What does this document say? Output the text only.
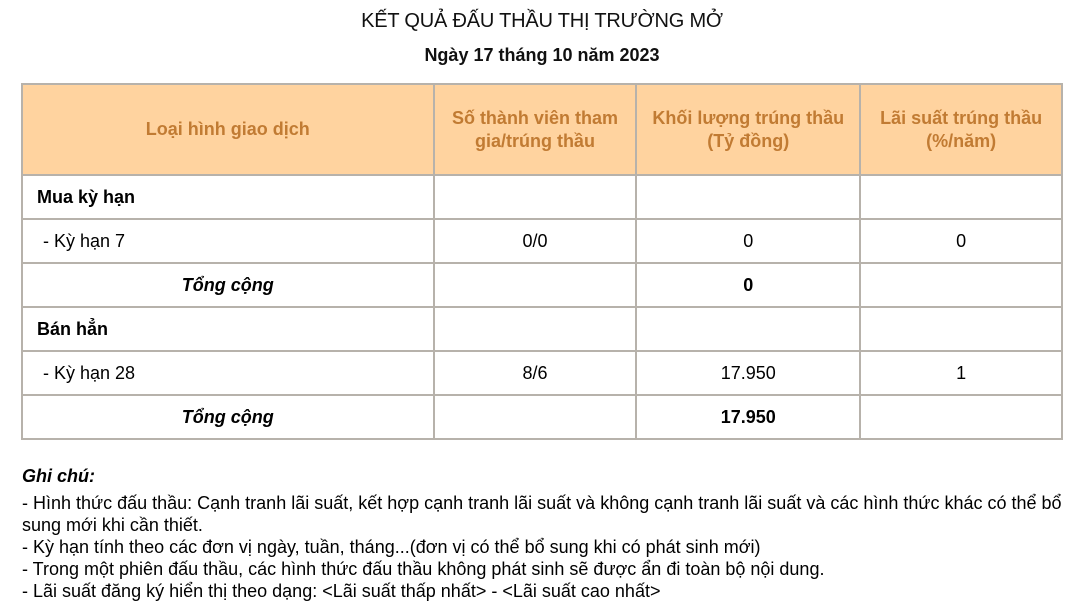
KẾT QUẢ ĐẤU THẦU THỊ TRƯỜNG MỞ
Ngày 17 tháng 10 năm 2023
Loại hình giao dịch	Số thành viên tham gia/trúng thầu	Khối lượng trúng thầu (Tỷ đồng)	Lãi suất trúng thầu (%/năm)
Mua kỳ hạn			
- Kỳ hạn 7	0/0	0	0
Tổng cộng		0	
Bán hẳn			
- Kỳ hạn 28	8/6	17.950	1
Tổng cộng		17.950	
Ghi chú:

- Hình thức đấu thầu: Cạnh tranh lãi suất, kết hợp cạnh tranh lãi suất và không cạnh tranh lãi suất và các hình thức khác có thể bổ sung mới khi cần thiết.

- Kỳ hạn tính theo các đơn vị ngày, tuần, tháng...(đơn vị có thể bổ sung khi có phát sinh mới)

- Trong một phiên đấu thầu, các hình thức đấu thầu không phát sinh sẽ được ẩn đi toàn bộ nội dung.

- Lãi suất đăng ký hiển thị theo dạng: <Lãi suất thấp nhất> - <Lãi suất cao nhất>
